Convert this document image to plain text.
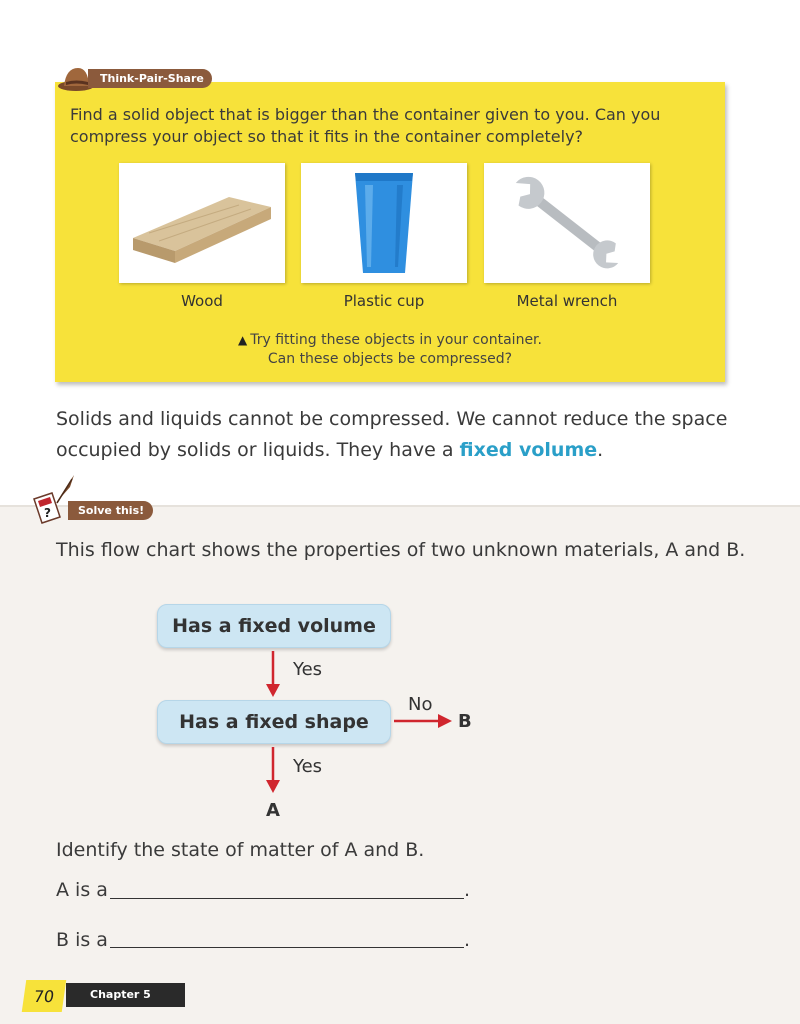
Think-Pair-Share
Find a solid object that is bigger than the container given to you. Can you compress your object so that it fits in the container completely?
Wood	Plastic cup	Metal wrench
▲ Try fitting these objects in your container.
Can these objects be compressed?
Solids and liquids cannot be compressed. We cannot reduce the space occupied by solids or liquids. They have a fixed volume.
?	Solve this!
This flow chart shows the properties of two unknown materials, A and B.
Has a fixed volume
Has a fixed shape
Yes
Yes
No
B
A
Identify the state of matter of A and B.
A is a	.
B is a	.
70	Chapter 5
